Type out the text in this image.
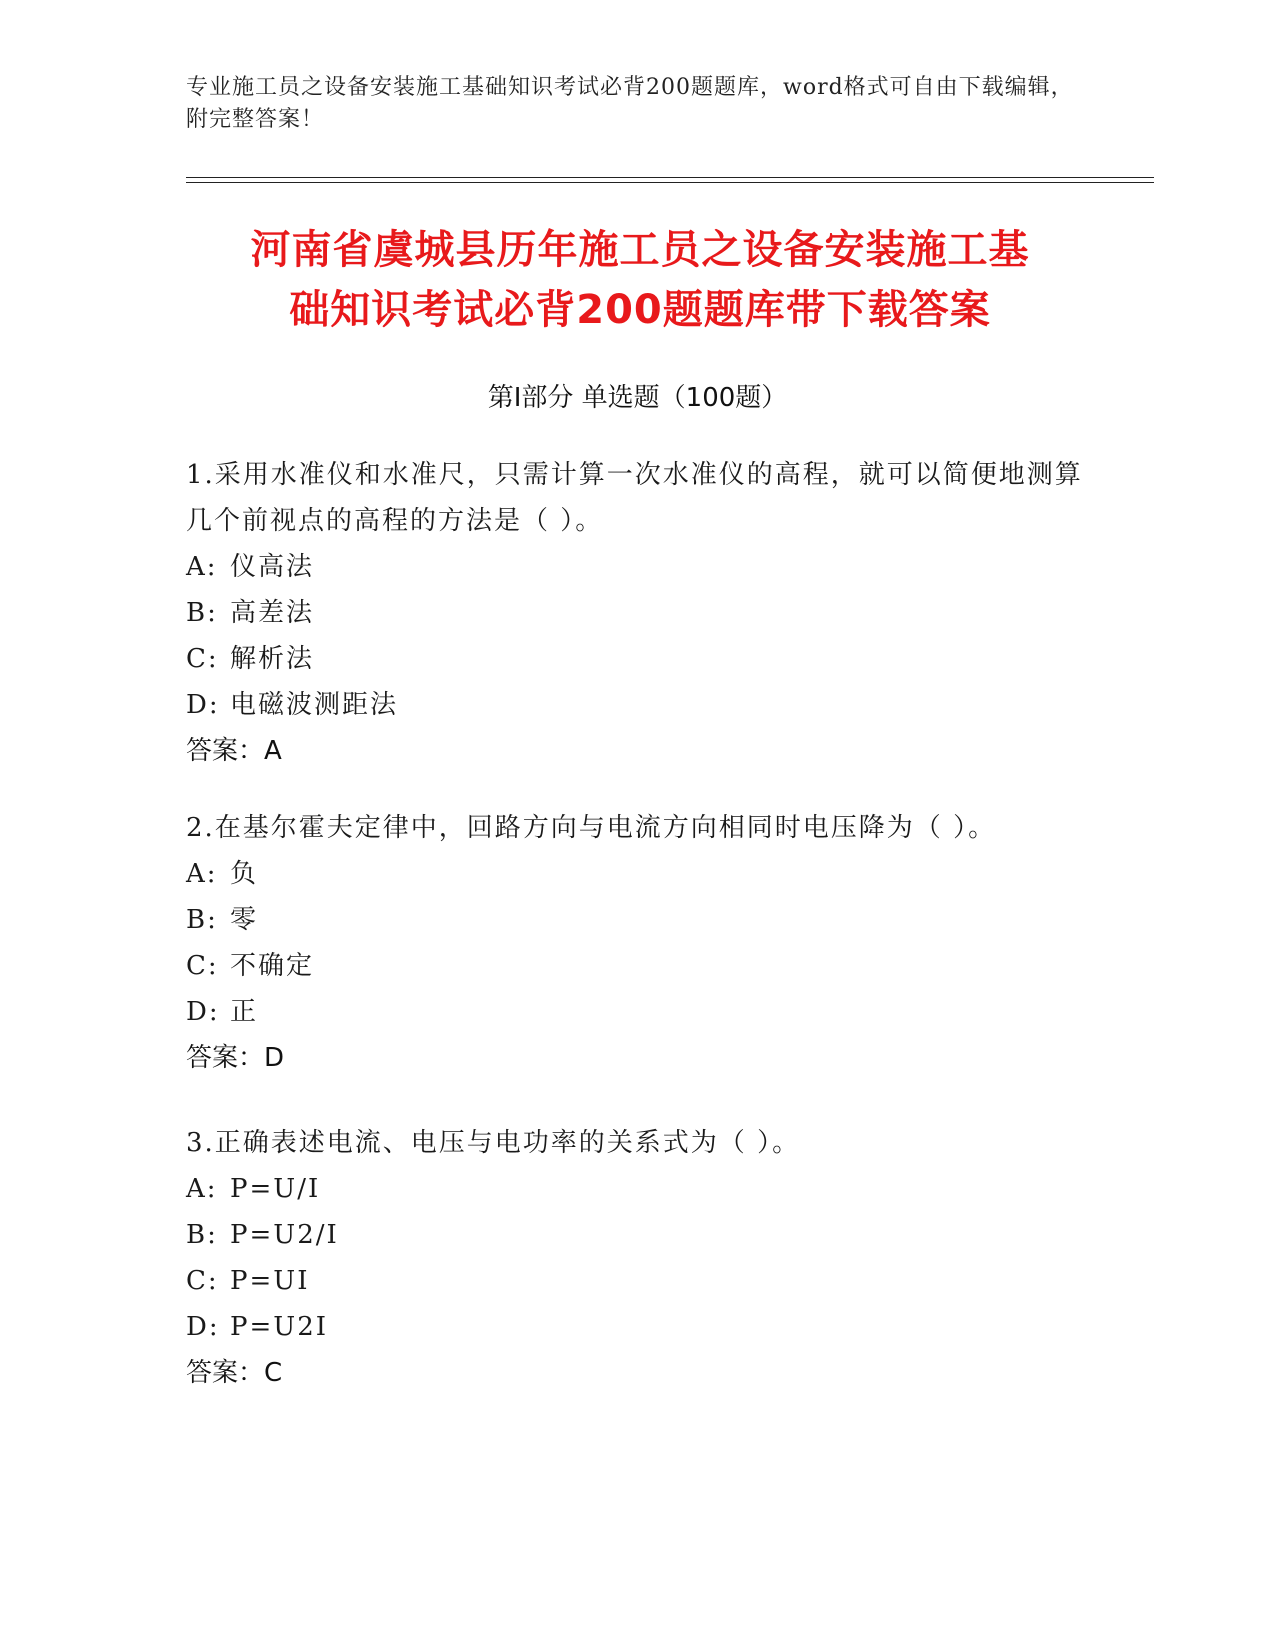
专业施工员之设备安装施工基础知识考试必背200题题库，word格式可自由下载编辑，附完整答案！
河南省虞城县历年施工员之设备安装施工基
础知识考试必背200题题库带下载答案
第I部分 单选题（100题）

1.采用水准仪和水准尺，只需计算一次水准仪的高程，就可以简便地测算几个前视点的高程的方法是（ ）。

A: 仪高法
B: 高差法
C: 解析法
D: 电磁波测距法
答案：A

2.在基尔霍夫定律中，回路方向与电流方向相同时电压降为（ ）。

A: 负
B: 零
C: 不确定
D: 正
答案：D

3.正确表述电流、电压与电功率的关系式为（ ）。

A: P=U/I
B: P=U2/I
C: P=UI
D: P=U2I
答案：C
